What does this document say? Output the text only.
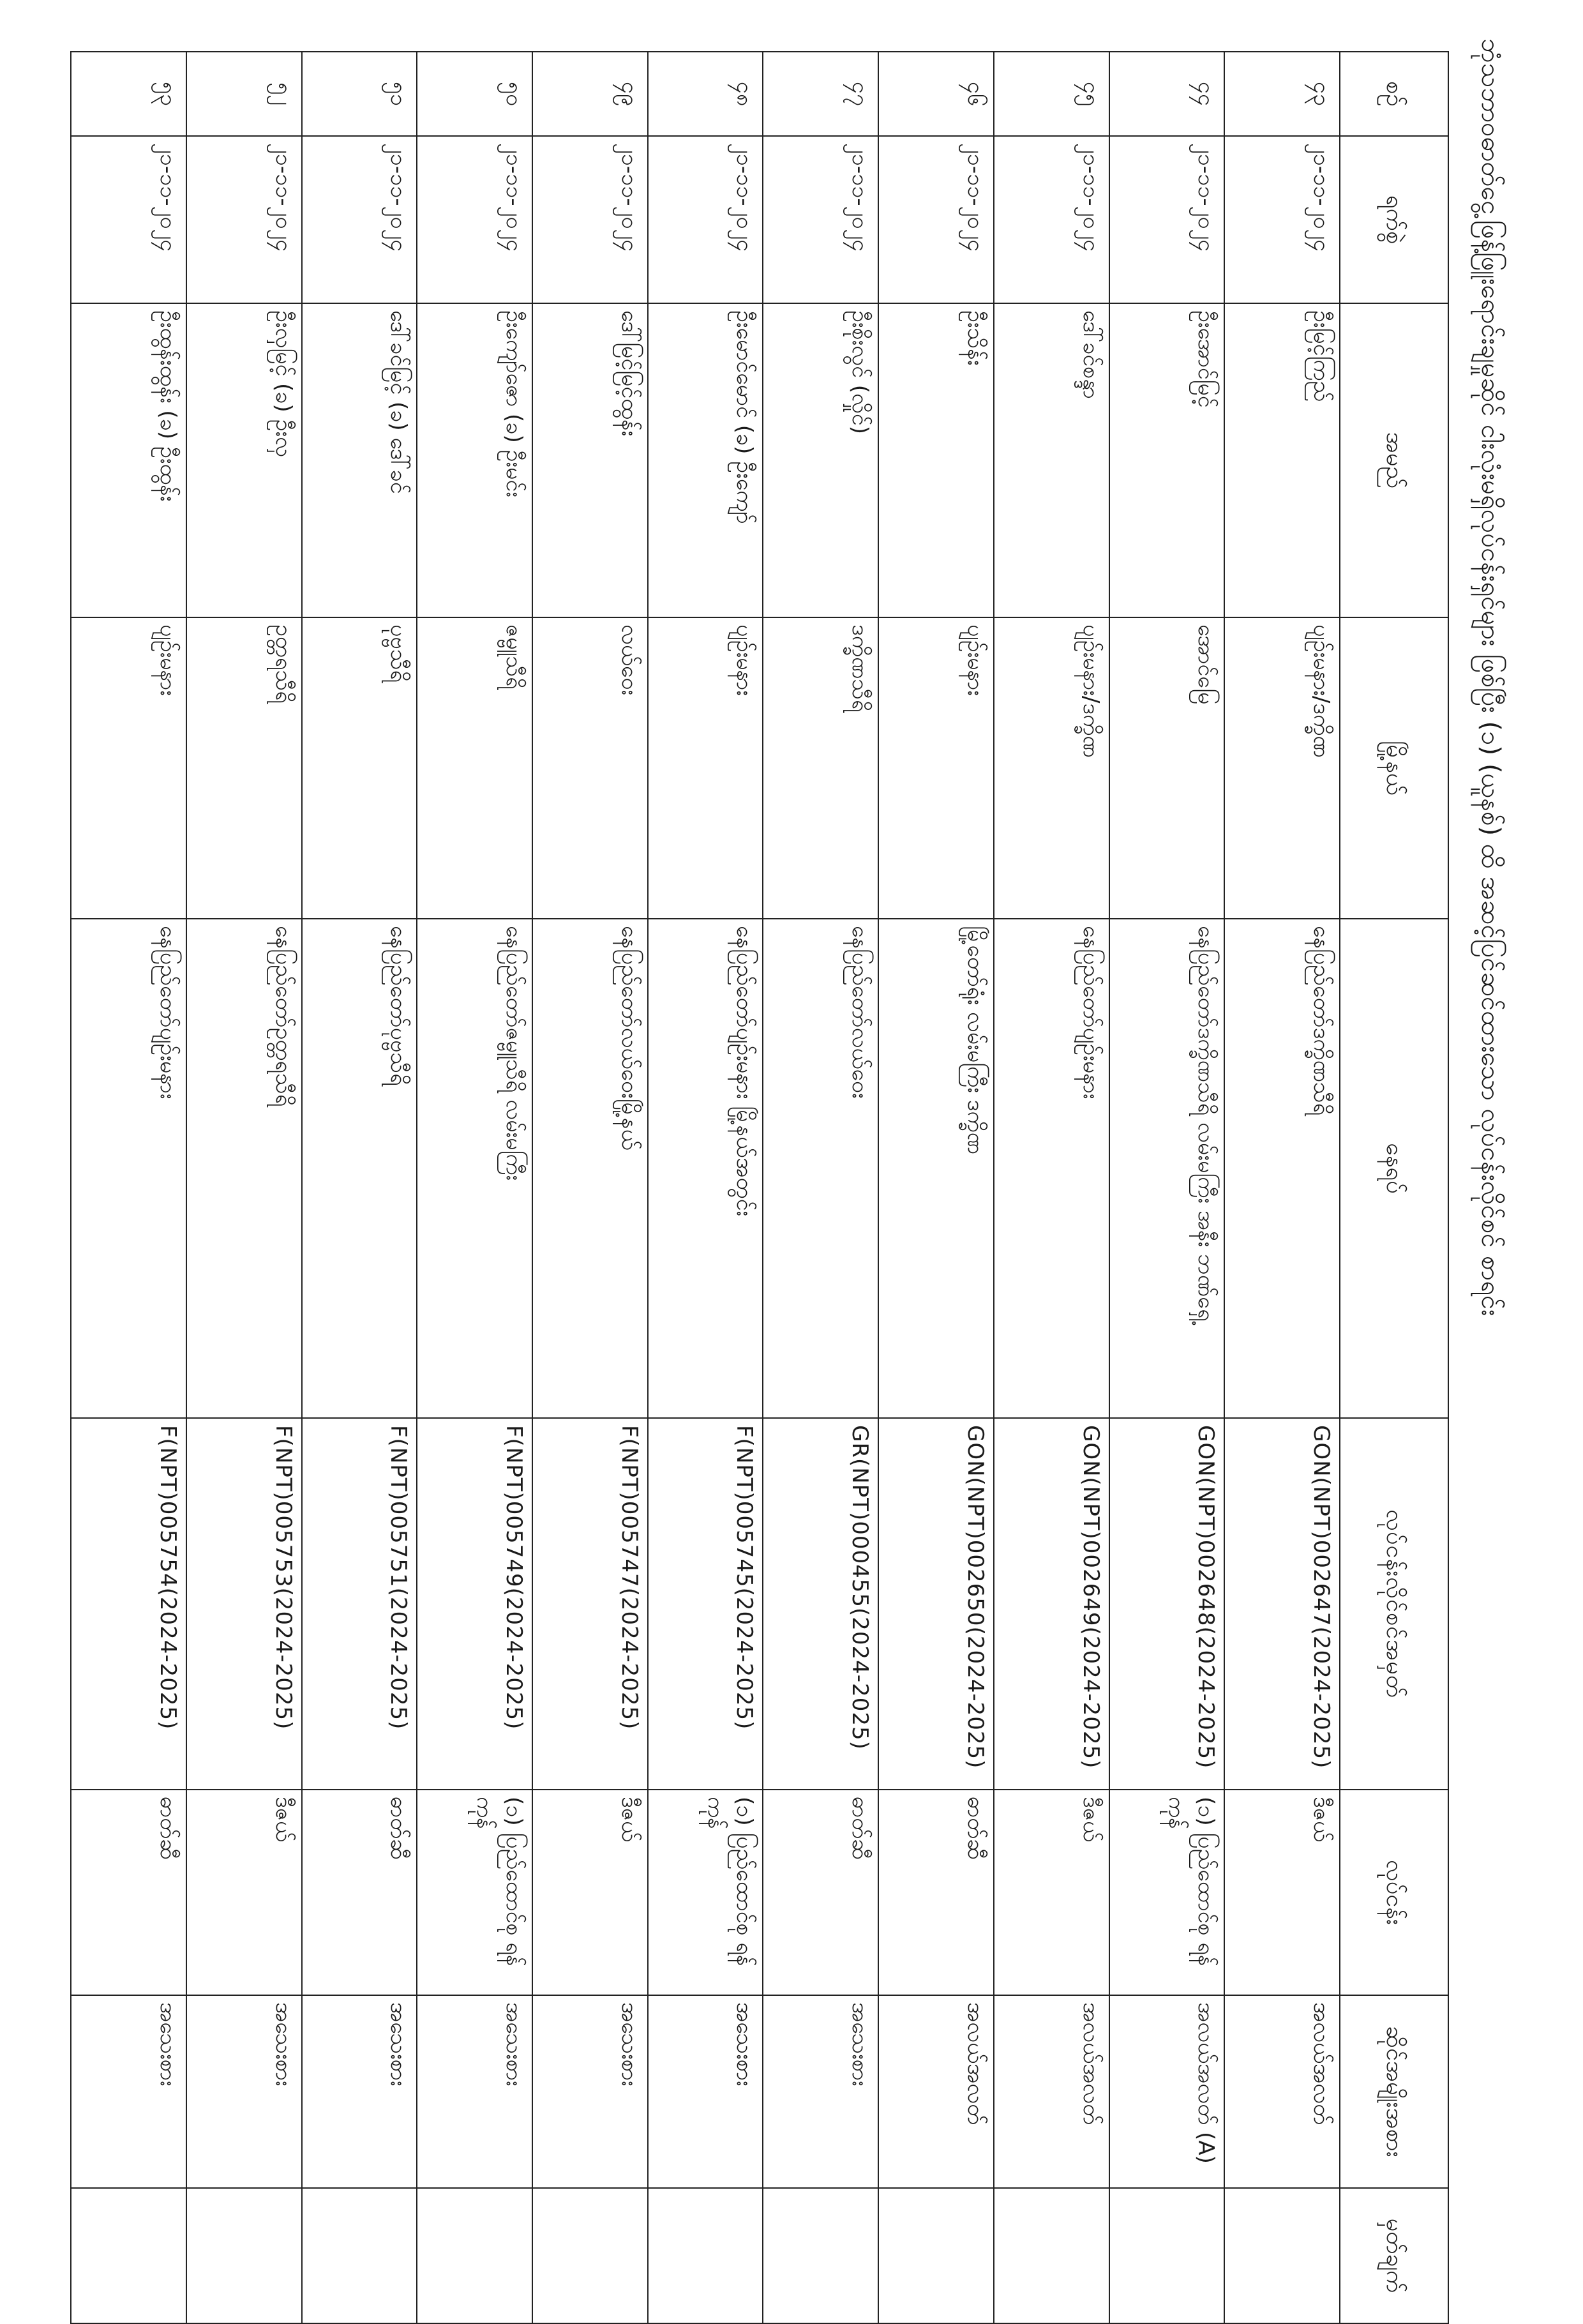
ဘုံသဘာဝဓာတ်ငွေ့ဖြန့်ဖြူးရောင်းချမှုဆိုင် ငါးလုံးမရှိလုပ်ငန်းရှင်များ ဖြစ်ပြီး (၁) (ယူနစ်) ထိ အဆင့်ပြင်ဆင်ထားသော လုပ်ငန်းလိုင်စင် စာရင်း
စဉ်	ရက်စွဲ	အမည်	မြို့နယ်	နေရပ်	လုပ်ငန်းလိုင်စင်အမှတ်	လုပ်ငန်း	ဆိုင်အမျိုးအစား	မှတ်ချက်
၄၃	၂၁-၁၁-၂၀၂၄	ဦးမြင့်ကြည်	ပျဉ်းမနား/ဒက္ခိဏ	နေပြည်တော်ဒက္ခိဏသီရိ	GON(NPT)002647(2024-2025)	ဒီဇယ်	အလယ်အလတ်	
၄၄	၂၁-၁၁-၂၀၂၄	ဦးအောင်မြင့်	အောင်မြေ	နေပြည်တော်ဒက္ခိဏသီရိ လမ်းမကြီး အနီး ဘဏ်ရှေ့	GON(NPT)002648(2024-2025)	(၁) ပြည်ထောင်စု ရန်ကုန်	အလယ်အလတ် (A)	
၄၅	၂၁-၁၁-၂၀၂၄	ဒေါ်ခင်စန္ဒာ	ပျဉ်းမနား/ဒက္ခိဏ	နေပြည်တော်ပျဉ်းမနား	GON(NPT)002649(2024-2025)	ဒီဇယ်	အလယ်အလတ်	
၄၆	၂၁-၁၁-၂၀၂၄	ဦးသိန်း	ပျဉ်းမနား	မြို့တော်ရုံး လမ်းမကြီး ဒက္ခိဏ	GON(NPT)002650(2024-2025)	ဓာတ်ဆီ	အလယ်အလတ်	
၄၇	၂၁-၁၁-၂၀၂၄	ဦးစိုးလွင် (လှိုင်)	ဒက္ခိဏသီရိ	နေပြည်တော်လယ်ဝေး	GR(NPT)000455(2024-2025)	ဓာတ်ဆီ	အသေးစား	
၄၈	၂၁-၁၁-၂၀၂၄	ဦးမောင်မောင် (ခ) ဦးကျော်	ပျဉ်းမနား	နေပြည်တော်ပျဉ်းမနား မြို့နယ်အတွင်း	F(NPT)005745(2024-2025)	(၁) ပြည်ထောင်စု ရန်ကုန်	အသေးစား	
၄၉	၂၁-၁၁-၂၀၂၄	ဒေါ်မြင့်မြင့်ထွန်း	လယ်ဝေး	နေပြည်တော်လယ်ဝေးမြို့နယ်	F(NPT)005747(2024-2025)	ဒီဇယ်	အသေးစား	
၅၀	၂၁-၁၁-၂၀၂၄	ဦးကျော်ဇော (ခ) ဦးမင်း	ဇမ္ဗူသီရိ	နေပြည်တော်ဇမ္ဗူသီရိ လမ်းမကြီး	F(NPT)005749(2024-2025)	(၁) ပြည်ထောင်စု ရန်ကုန်	အသေးစား	
၅၁	၂၁-၁၁-၂၀၂၄	ဒေါ်ခင်မြင့် (ခ) ဒေါ်ခင်	ပုဗ္ဗသီရိ	နေပြည်တော်ပုဗ္ဗသီရိ	F(NPT)005751(2024-2025)	ဓာတ်ဆီ	အသေးစား	
၅၂	၂၁-၁၁-၂၀၂၄	ဦးလှမြင့် (ခ) ဦးလှ	ဥတ္တရသီရိ	နေပြည်တော်ဥတ္တရသီရိ	F(NPT)005753(2024-2025)	ဒီဇယ်	အသေးစား	
၅၃	၂၁-၁၁-၂၀၂၄	ဦးထွန်းထွန်း (ခ) ဦးထွန်း	ပျဉ်းမနား	နေပြည်တော်ပျဉ်းမနား	F(NPT)005754(2024-2025)	ဓာတ်ဆီ	အသေးစား	
